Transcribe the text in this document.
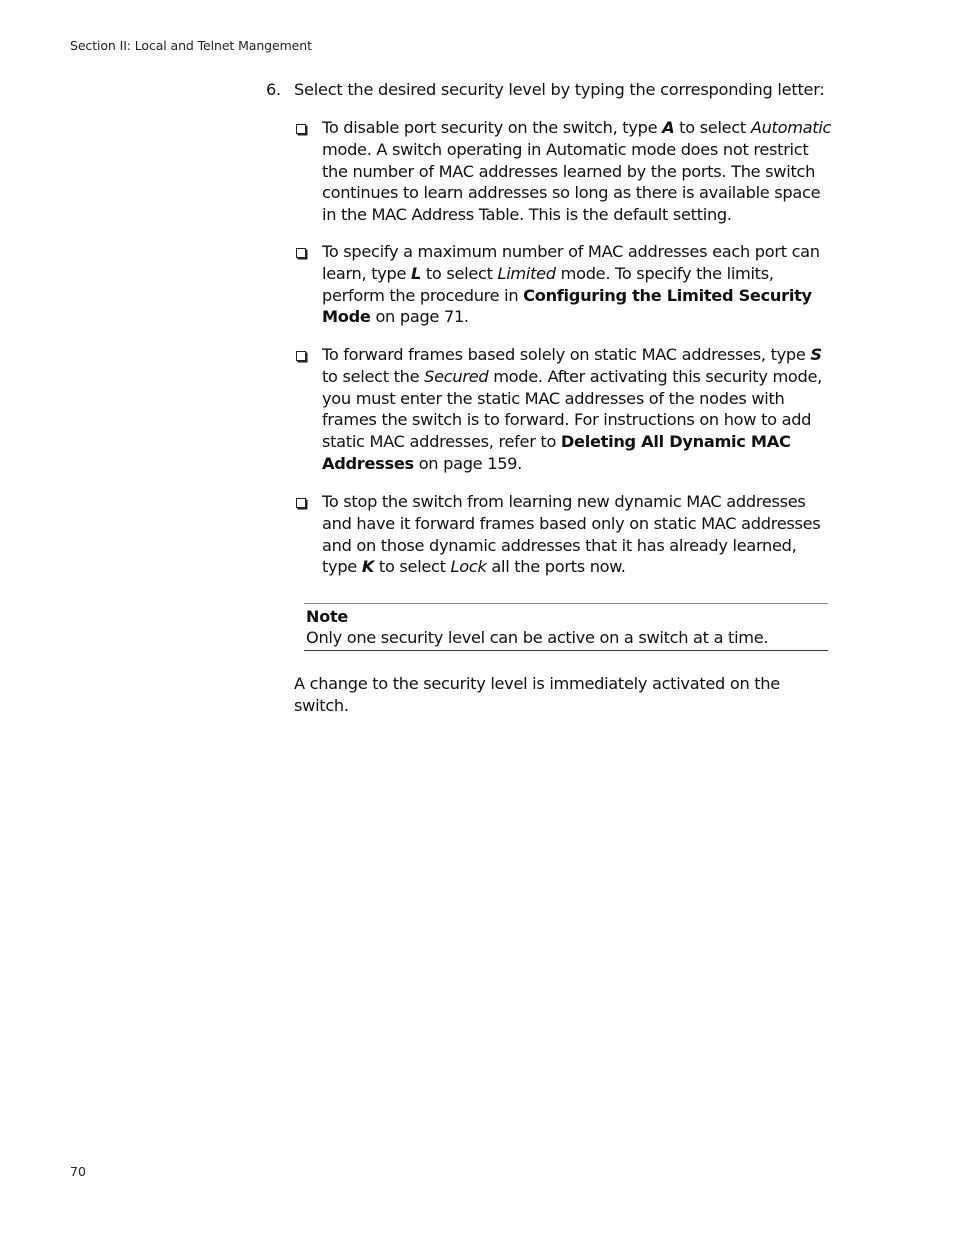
Section II: Local and Telnet Mangement
6. Select the desired security level by typing the corresponding letter:
To disable port security on the switch, type A to select Automatic mode. A switch operating in Automatic mode does not restrict the number of MAC addresses learned by the ports. The switch continues to learn addresses so long as there is available space in the MAC Address Table. This is the default setting.
To specify a maximum number of MAC addresses each port can learn, type L to select Limited mode. To specify the limits, perform the procedure in Configuring the Limited Security Mode on page 71.
To forward frames based solely on static MAC addresses, type S to select the Secured mode. After activating this security mode, you must enter the static MAC addresses of the nodes with frames the switch is to forward. For instructions on how to add static MAC addresses, refer to Deleting All Dynamic MAC Addresses on page 159.
To stop the switch from learning new dynamic MAC addresses and have it forward frames based only on static MAC addresses and on those dynamic addresses that it has already learned, type K to select Lock all the ports now.
Note
Only one security level can be active on a switch at a time.
A change to the security level is immediately activated on the switch.
70
